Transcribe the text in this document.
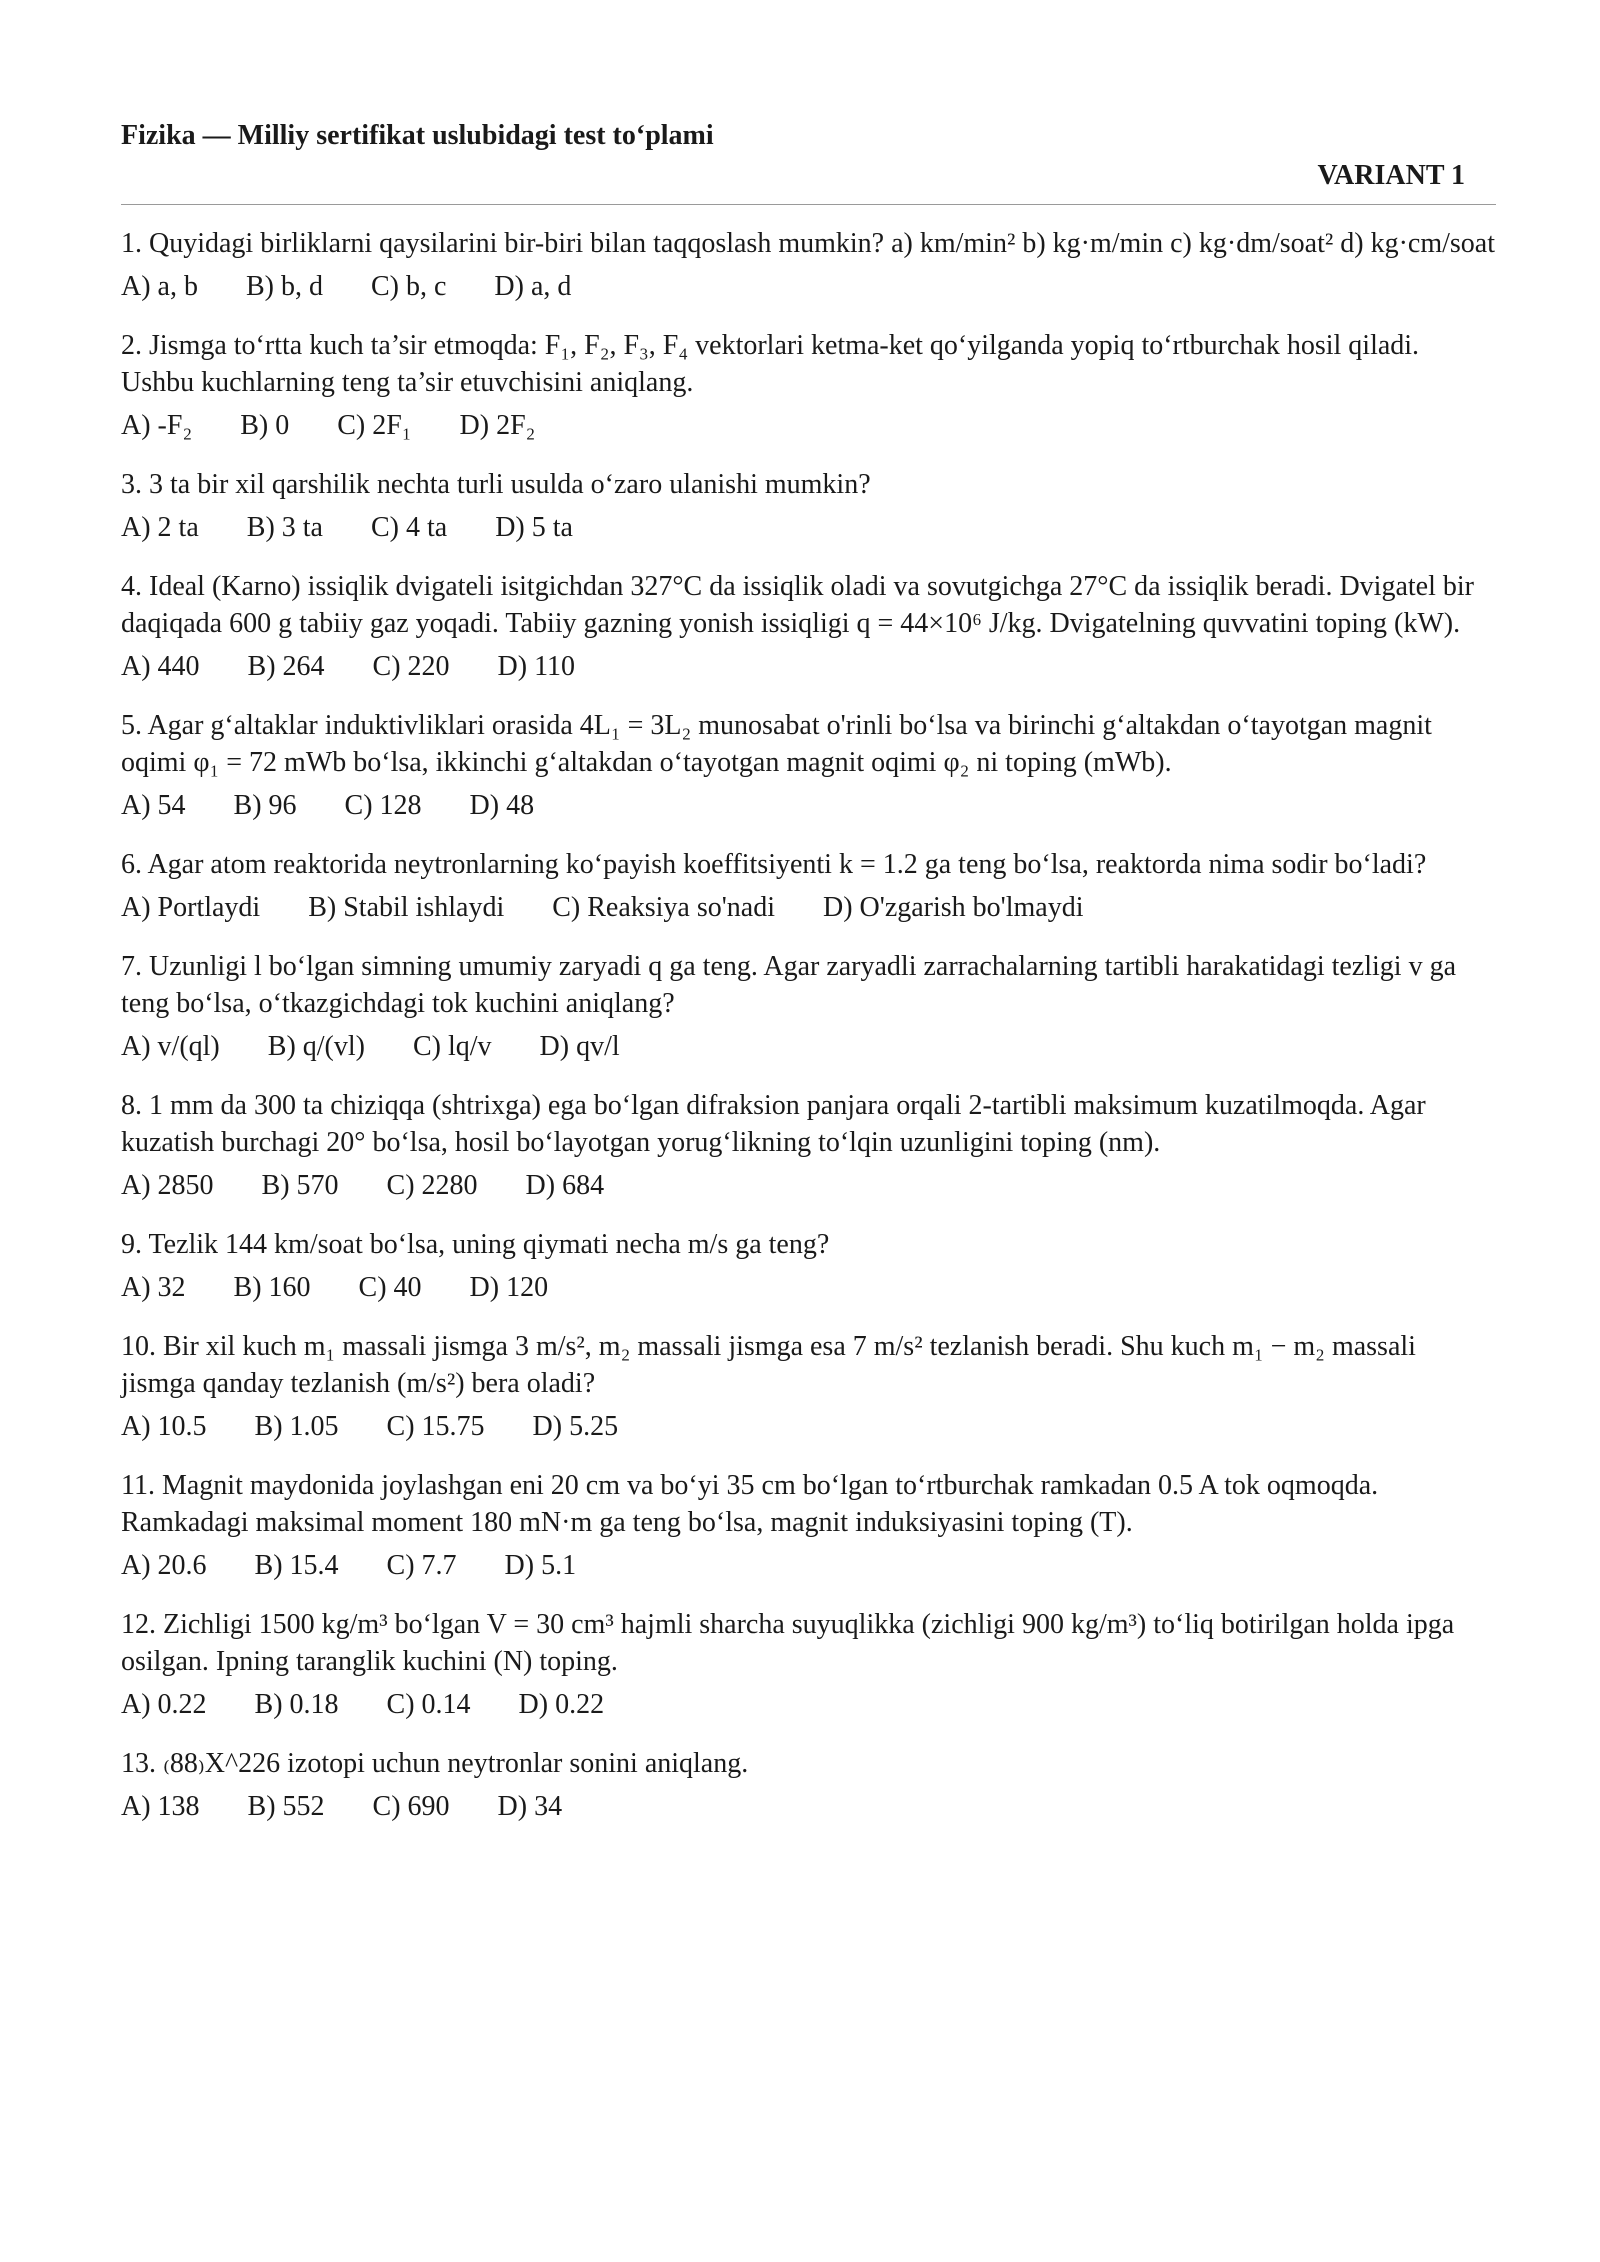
Fizika — Milliy sertifikat uslubidagi test to‘plami
VARIANT 1

1. Quyidagi birliklarni qaysilarini bir-biri bilan taqqoslash mumkin? a) km/min² b) kg·m/min c) kg·dm/soat² d) kg·cm/soat

A) a, b B) b, d C) b, c D) a, d

2. Jismga to‘rtta kuch ta’sir etmoqda: F₁, F₂, F₃, F₄ vektorlari ketma-ket qo‘yilganda yopiq to‘rtburchak hosil qiladi. Ushbu kuchlarning teng ta’sir etuvchisini aniqlang.

A) -F₂ B) 0 C) 2F₁ D) 2F₂

3. 3 ta bir xil qarshilik nechta turli usulda o‘zaro ulanishi mumkin?

A) 2 ta B) 3 ta C) 4 ta D) 5 ta

4. Ideal (Karno) issiqlik dvigateli isitgichdan 327°C da issiqlik oladi va sovutgichga 27°C da issiqlik beradi. Dvigatel bir daqiqada 600 g tabiiy gaz yoqadi. Tabiiy gazning yonish issiqligi q = 44×10⁶ J/kg. Dvigatelning quvvatini toping (kW).

A) 440 B) 264 C) 220 D) 110

5. Agar g‘altaklar induktivliklari orasida 4L₁ = 3L₂ munosabat o'rinli bo‘lsa va birinchi g‘altakdan o‘tayotgan magnit oqimi φ₁ = 72 mWb bo‘lsa, ikkinchi g‘altakdan o‘tayotgan magnit oqimi φ₂ ni toping (mWb).

A) 54 B) 96 C) 128 D) 48

6. Agar atom reaktorida neytronlarning ko‘payish koeffitsiyenti k = 1.2 ga teng bo‘lsa, reaktorda nima sodir bo‘ladi?

A) Portlaydi B) Stabil ishlaydi C) Reaksiya so'nadi D) O'zgarish bo'lmaydi

7. Uzunligi l bo‘lgan simning umumiy zaryadi q ga teng. Agar zaryadli zarrachalarning tartibli harakatidagi tezligi v ga teng bo‘lsa, o‘tkazgichdagi tok kuchini aniqlang?

A) v/(ql) B) q/(vl) C) lq/v D) qv/l

8. 1 mm da 300 ta chiziqqa (shtrixga) ega bo‘lgan difraksion panjara orqali 2-tartibli maksimum kuzatilmoqda. Agar kuzatish burchagi 20° bo‘lsa, hosil bo‘layotgan yorug‘likning to‘lqin uzunligini toping (nm).

A) 2850 B) 570 C) 2280 D) 684

9. Tezlik 144 km/soat bo‘lsa, uning qiymati necha m/s ga teng?

A) 32 B) 160 C) 40 D) 120

10. Bir xil kuch m₁ massali jismga 3 m/s², m₂ massali jismga esa 7 m/s² tezlanish beradi. Shu kuch m₁ − m₂ massali jismga qanday tezlanish (m/s²) bera oladi?

A) 10.5 B) 1.05 C) 15.75 D) 5.25

11. Magnit maydonida joylashgan eni 20 cm va bo‘yi 35 cm bo‘lgan to‘rtburchak ramkadan 0.5 A tok oqmoqda. Ramkadagi maksimal moment 180 mN·m ga teng bo‘lsa, magnit induksiyasini toping (T).

A) 20.6 B) 15.4 C) 7.7 D) 5.1

12. Zichligi 1500 kg/m³ bo‘lgan V = 30 cm³ hajmli sharcha suyuqlikka (zichligi 900 kg/m³) to‘liq botirilgan holda ipga osilgan. Ipning taranglik kuchini (N) toping.

A) 0.22 B) 0.18 C) 0.14 D) 0.22

13. ₍88₎X^226 izotopi uchun neytronlar sonini aniqlang.

A) 138 B) 552 C) 690 D) 34
